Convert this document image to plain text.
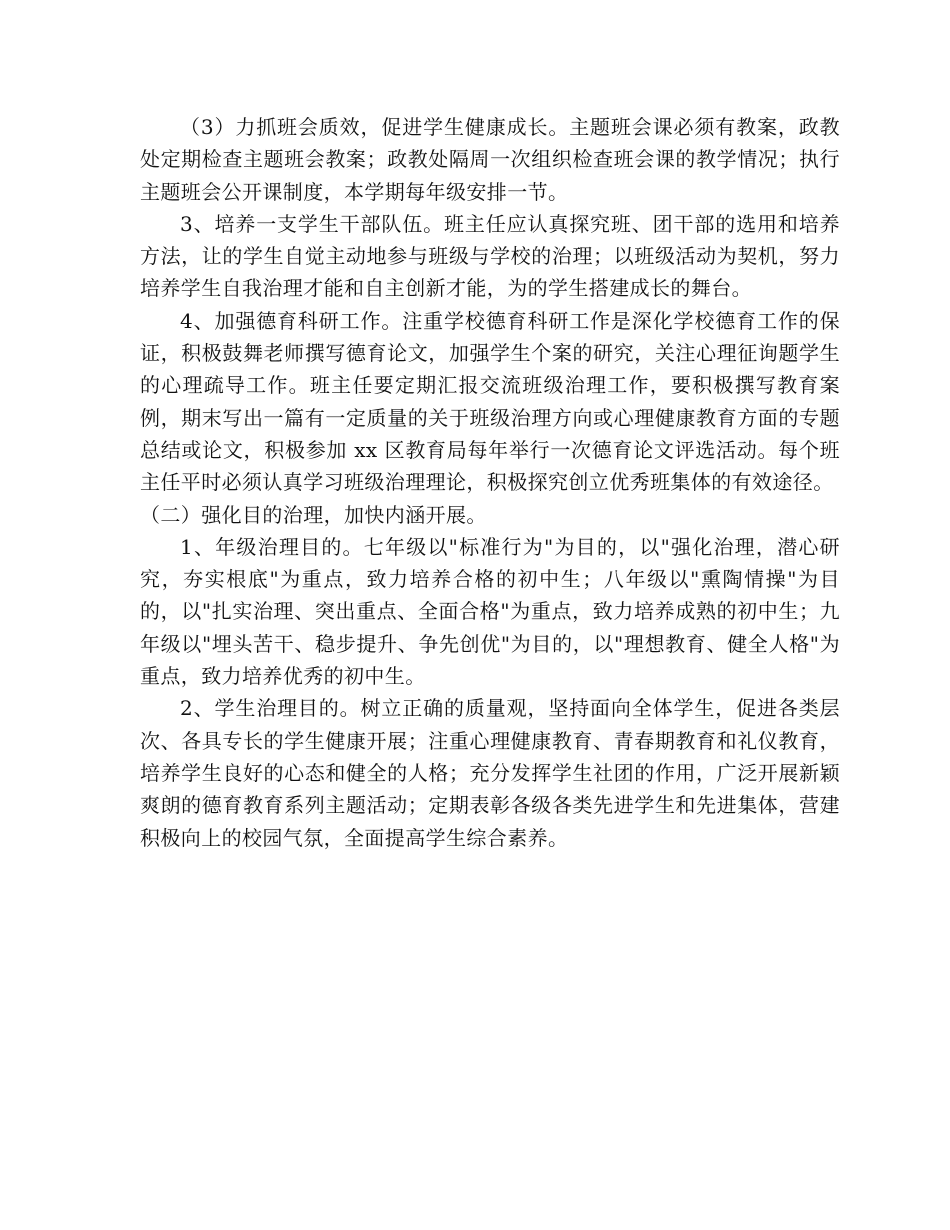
（3）力抓班会质效，促进学生健康成长。主题班会课必须有教案，政教处定期检查主题班会教案；政教处隔周一次组织检查班会课的教学情况；执行主题班会公开课制度，本学期每年级安排一节。

3、培养一支学生干部队伍。班主任应认真探究班、团干部的选用和培养方法，让的学生自觉主动地参与班级与学校的治理；以班级活动为契机，努力培养学生自我治理才能和自主创新才能，为的学生搭建成长的舞台。

4、加强德育科研工作。注重学校德育科研工作是深化学校德育工作的保证，积极鼓舞老师撰写德育论文，加强学生个案的研究，关注心理征询题学生的心理疏导工作。班主任要定期汇报交流班级治理工作，要积极撰写教育案例，期末写出一篇有一定质量的关于班级治理方向或心理健康教育方面的专题总结或论文，积极参加 xx 区教育局每年举行一次德育论文评选活动。每个班主任平时必须认真学习班级治理理论，积极探究创立优秀班集体的有效途径。

（二）强化目的治理，加快内涵开展。

1、年级治理目的。七年级以"标准行为"为目的，以"强化治理，潜心研究，夯实根底"为重点，致力培养合格的初中生；八年级以"熏陶情操"为目的，以"扎实治理、突出重点、全面合格"为重点，致力培养成熟的初中生；九年级以"埋头苦干、稳步提升、争先创优"为目的，以"理想教育、健全人格"为重点，致力培养优秀的初中生。

2、学生治理目的。树立正确的质量观，坚持面向全体学生，促进各类层次、各具专长的学生健康开展；注重心理健康教育、青春期教育和礼仪教育，培养学生良好的心态和健全的人格；充分发挥学生社团的作用，广泛开展新颖爽朗的德育教育系列主题活动；定期表彰各级各类先进学生和先进集体，营建积极向上的校园气氛，全面提高学生综合素养。
